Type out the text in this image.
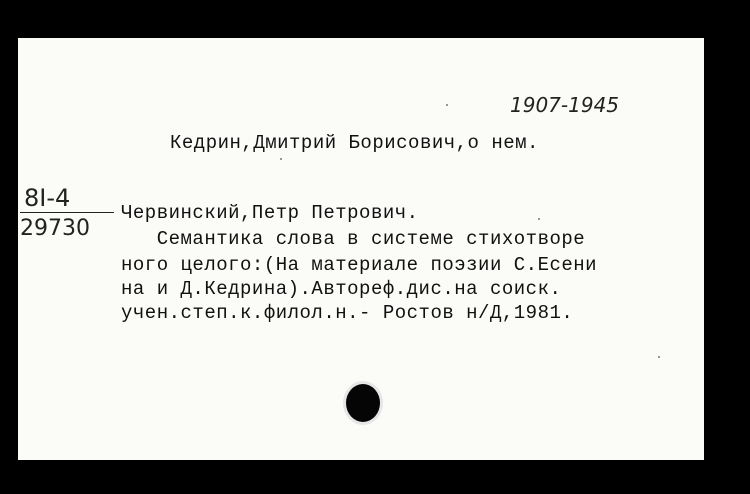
1907-1945
Кедрин,Дмитрий Борисович,о нем.
8I-4
29730
Червинский,Петр Петрович.
Семантика слова в системе стихотворе
ного целого:(На материале поэзии С.Есени
на и Д.Кедрина).Автореф.дис.на соиск.
учен.степ.к.филол.н.- Ростов н/Д,1981.
